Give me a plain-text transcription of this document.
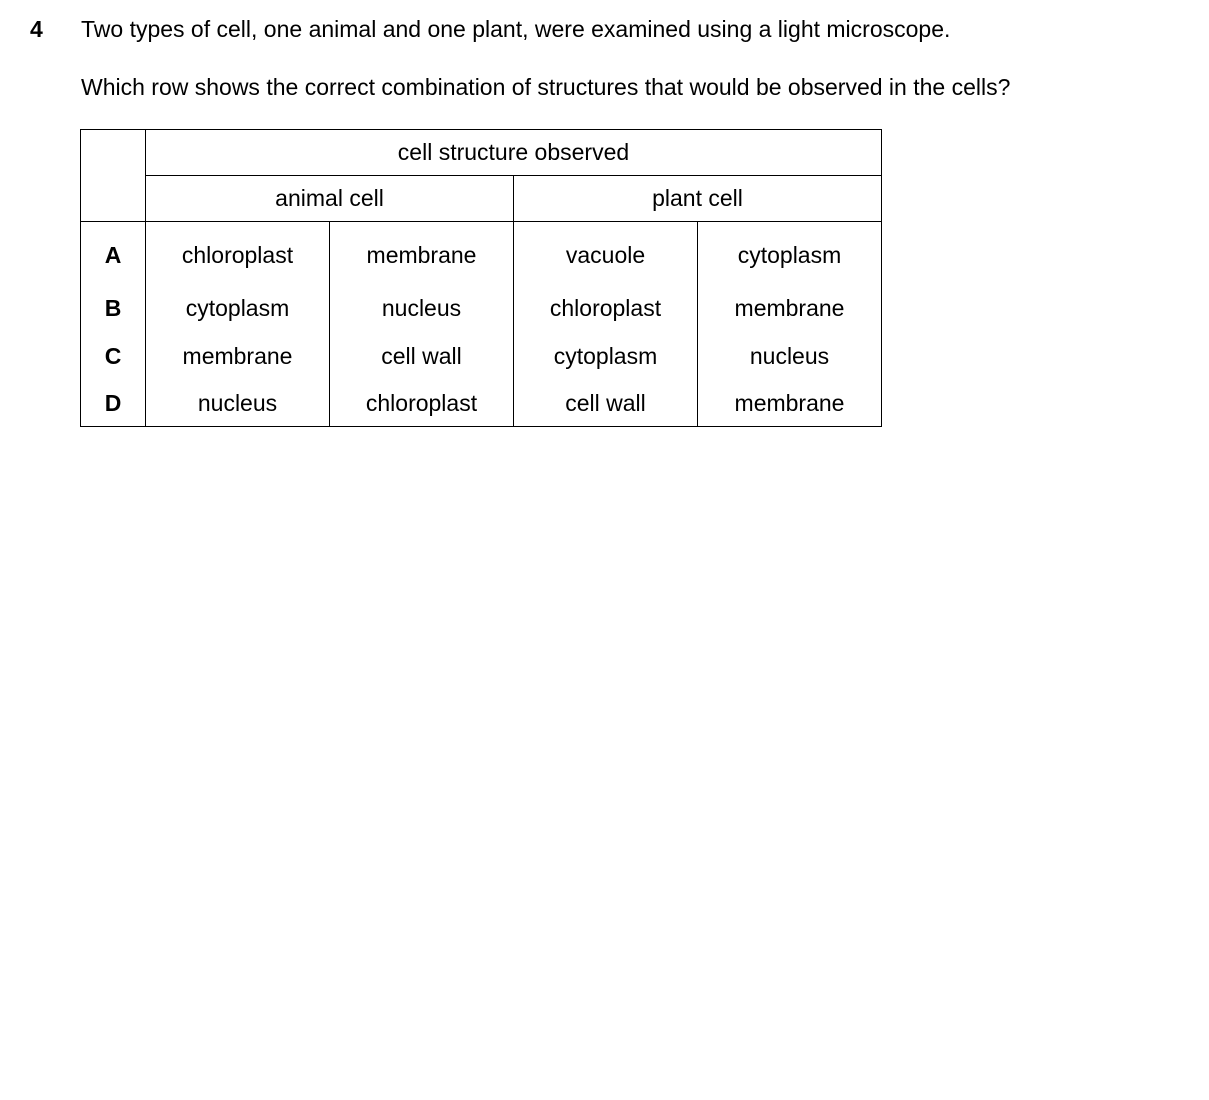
4 Two types of cell, one animal and one plant, were examined using a light microscope.
Which row shows the correct combination of structures that would be observed in the cells?
	cell structure observed			
	animal cell		plant cell	
A	chloroplast	membrane	vacuole	cytoplasm
B	cytoplasm	nucleus	chloroplast	membrane
C	membrane	cell wall	cytoplasm	nucleus
D	nucleus	chloroplast	cell wall	membrane
